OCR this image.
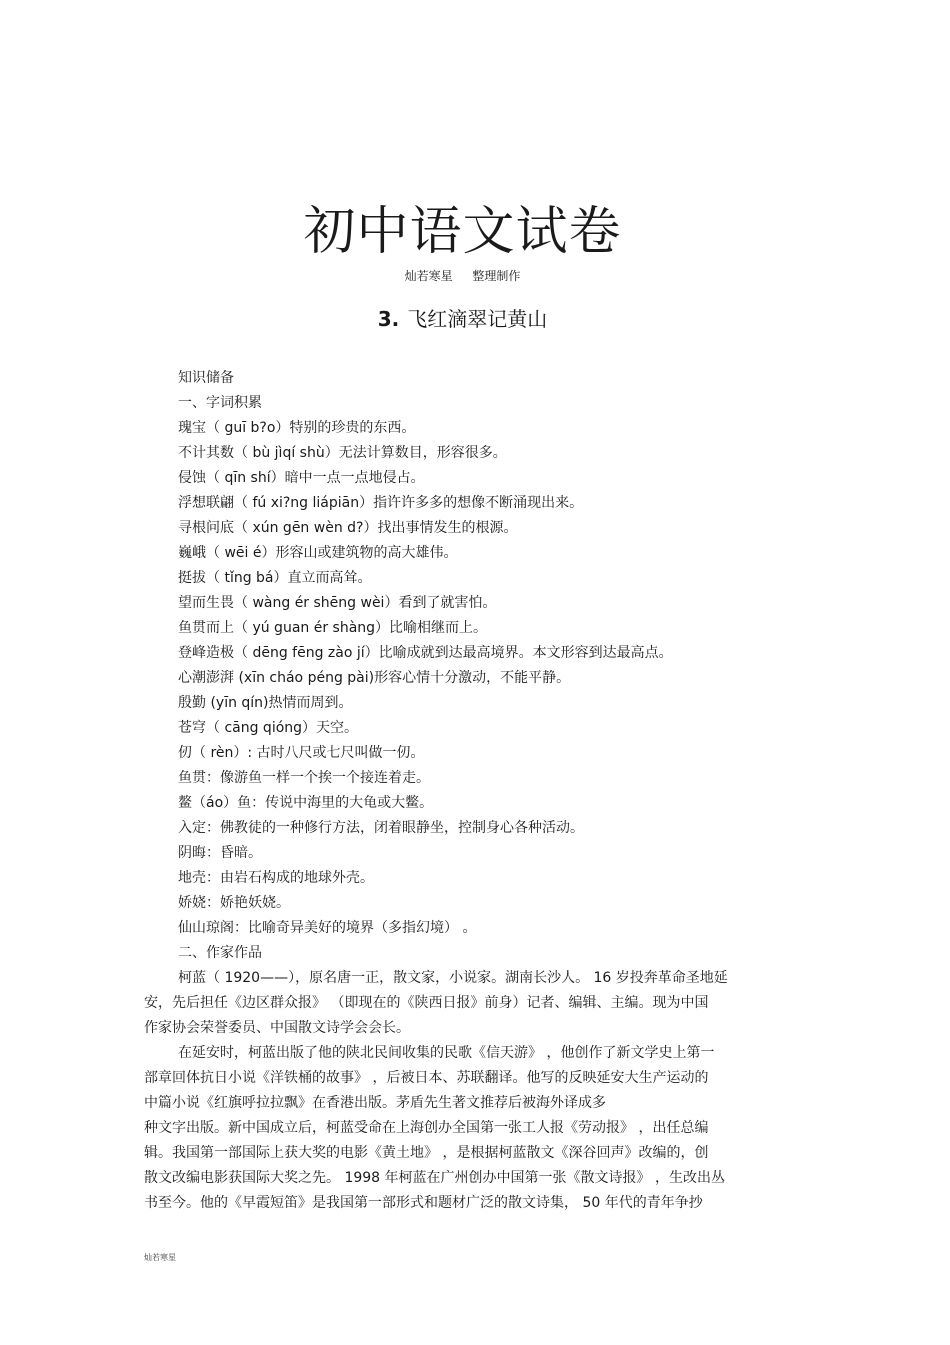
初中语文试卷
灿若寒星 整理制作
3. 飞红滴翠记黄山
知识储备
一、字词积累
瑰宝（ guī b?o）特别的珍贵的东西。
不计其数（ bù jìqí shù）无法计算数目，形容很多。
侵蚀（ qīn shí）暗中一点一点地侵占。
浮想联翩（ fú xi?ng liápiān）指许许多多的想像不断涌现出来。
寻根问底（ xún gēn wèn d?）找出事情发生的根源。
巍峨（ wēi é）形容山或建筑物的高大雄伟。
挺拔（ tǐng bá）直立而高耸。
望而生畏（ wàng ér shēng wèi）看到了就害怕。
鱼贯而上（ yú guan ér shàng）比喻相继而上。
登峰造极（ dēng fēng zào jí）比喻成就到达最高境界。本文形容到达最高点。
心潮澎湃 (xīn cháo péng pài)形容心情十分激动，不能平静。
殷勤 (yīn qín)热情而周到。
苍穹（ cāng qióng）天空。
仞（ rèn）: 古时八尺或七尺叫做一仞。
鱼贯：像游鱼一样一个挨一个接连着走。
鳌（áo）鱼：传说中海里的大龟或大鳖。
入定：佛教徒的一种修行方法，闭着眼静坐，控制身心各种活动。
阴晦：昏暗。
地壳：由岩石构成的地球外壳。
娇娆：娇艳妖娆。
仙山琼阁：比喻奇异美好的境界（多指幻境） 。
二、作家作品
柯蓝（ 1920——），原名唐一正，散文家，小说家。湖南长沙人。 16 岁投奔革命圣地延
安，先后担任《边区群众报》 （即现在的《陕西日报》前身）记者、编辑、主编。现为中国
作家协会荣誉委员、中国散文诗学会会长。
在延安时，柯蓝出版了他的陕北民间收集的民歌《信天游》 ，他创作了新文学史上第一
部章回体抗日小说《洋铁桶的故事》 ，后被日本、苏联翻译。他写的反映延安大生产运动的
中篇小说《红旗呼拉拉飘》在香港出版。茅盾先生著文推荐后被海外译成多
种文字出版。新中国成立后，柯蓝受命在上海创办全国第一张工人报《劳动报》 ，出任总编
辑。我国第一部国际上获大奖的电影《黄土地》 ，是根据柯蓝散文《深谷回声》改编的，创
散文改编电影获国际大奖之先。 1998 年柯蓝在广州创办中国第一张《散文诗报》 ，生改出丛
书至今。他的《早霞短笛》是我国第一部形式和题材广泛的散文诗集， 50 年代的青年争抄
灿若寒星
